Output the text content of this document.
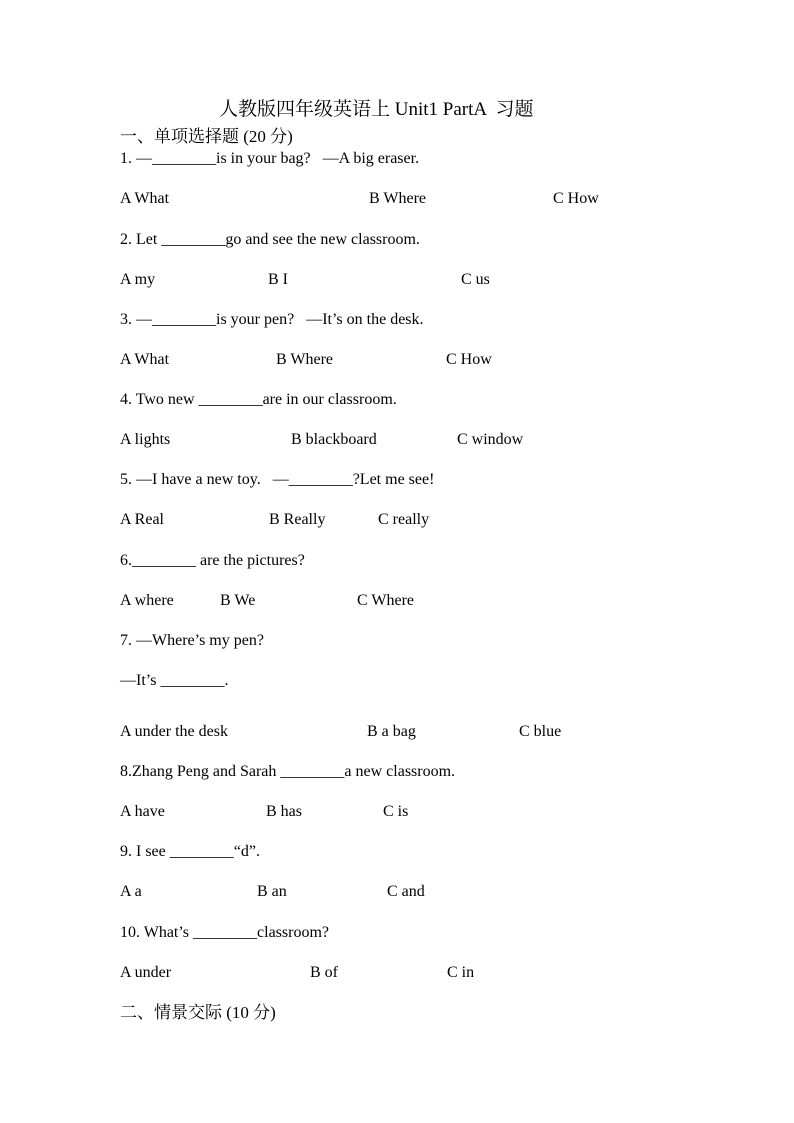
人教版四年级英语上 Unit1 PartA  习题
一、单项选择题 (20 分)
1. —________is in your bag?   —A big eraser.
A What	B Where	C How
2. Let ________go and see the new classroom.
A my	B I	C us
3. —________is your pen?   —It’s on the desk.
A What	B Where	C How
4. Two new ________are in our classroom.
A lights	B blackboard	C window
5. —I have a new toy.   —________?Let me see!
A Real	B Really	C really
6.________ are the pictures?
A where	B We	C Where
7. —Where’s my pen?
—It’s ________.
A under the desk	B a bag	C blue
8.Zhang Peng and Sarah ________a new classroom.
A have	B has	C is
9. I see ________“d”.
A a	B an	C and
10. What’s ________classroom?
A under	B of	C in
二、情景交际 (10 分)
